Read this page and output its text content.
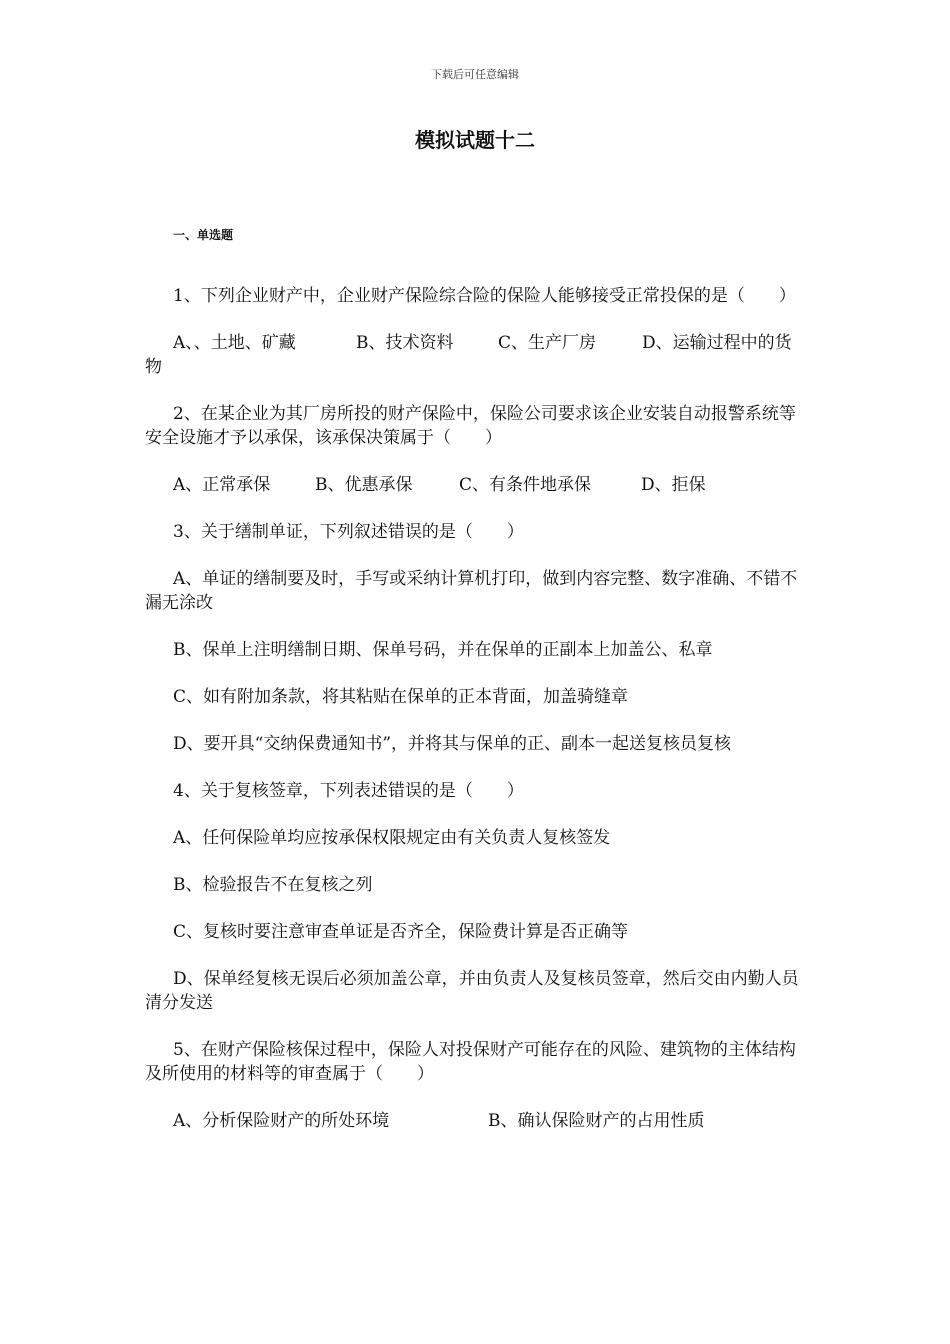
下载后可任意编辑
模拟试题十二
一、单选题

1、下列企业财产中，企业财产保险综合险的保险人能够接受正常投保的是（　　）

A、、土地、矿藏	B、技术资料	C、生产厂房	D、运输过程中的货
物

2、在某企业为其厂房所投的财产保险中，保险公司要求该企业安装自动报警系统等安全设施才予以承保，该承保决策属于（　　）

A、正常承保	B、优惠承保	C、有条件地承保	D、拒保

3、关于缮制单证，下列叙述错误的是（　　）

A、单证的缮制要及时，手写或采纳计算机打印，做到内容完整、数字准确、不错不漏无涂改

B、保单上注明缮制日期、保单号码，并在保单的正副本上加盖公、私章

C、如有附加条款，将其粘贴在保单的正本背面，加盖骑缝章

D、要开具“交纳保费通知书”，并将其与保单的正、副本一起送复核员复核

4、关于复核签章，下列表述错误的是（　　）

A、任何保险单均应按承保权限规定由有关负责人复核签发

B、检验报告不在复核之列

C、复核时要注意审查单证是否齐全，保险费计算是否正确等

D、保单经复核无误后必须加盖公章，并由负责人及复核员签章，然后交由内勤人员清分发送

5、在财产保险核保过程中，保险人对投保财产可能存在的风险、建筑物的主体结构及所使用的材料等的审查属于（　　）

A、分析保险财产的所处环境	B、确认保险财产的占用性质
